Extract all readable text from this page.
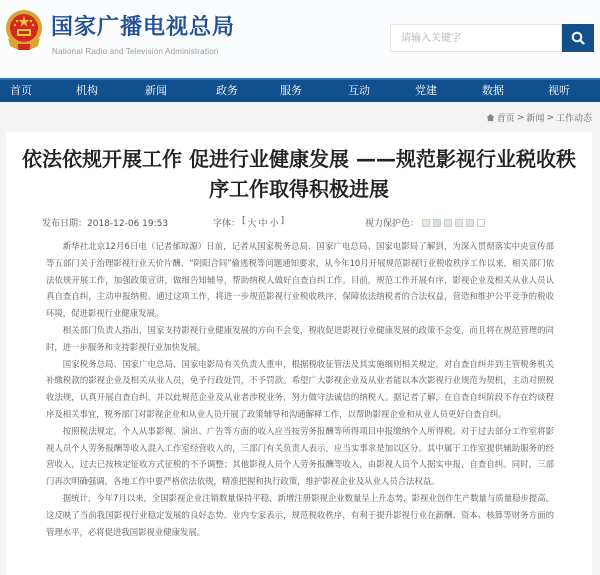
国家广播电视总局
National Radio and Television Administration
请输入关键字
首页	机构	新闻	政务	服务	互动	党建	数据	视听
首页 > 新闻 > 工作动态
依法依规开展工作 促进行业健康发展 ——规范影视行业税收秩序工作取得积极进展
发布日期：2018-12-06 19:53	字体： [ 大 中 小 ]	视力保护色：

新华社北京12月6日电（记者郁琼源）日前，记者从国家税务总局、国家广电总局、国家电影局了解到，为深入贯彻落实中央宣传部等五部门关于治理影视行业天价片酬、“阴阳合同”偷逃税等问题通知要求，从今年10月开展规范影视行业税收秩序工作以来，相关部门依法依规开展工作，加强政策宣讲，做细告知辅导，帮助纳税人做好自查自纠工作。目前，规范工作开展有序，影视企业及相关从业人员认真自查自纠，主动申报纳税。通过这项工作，将进一步规范影视行业税收秩序，保障依法纳税者的合法权益，营造和维护公平竞争的税收环境，促进影视行业健康发展。

相关部门负责人指出，国家支持影视行业健康发展的方向不会变，税收促进影视行业健康发展的政策不会变，而且将在规范管理的同时，进一步服务和支持影视行业加快发展。

国家税务总局、国家广电总局、国家电影局有关负责人重申，根据税收征管法及其实施细则相关规定，对自查自纠并到主管税务机关补缴税款的影视企业及相关从业人员，免予行政处罚，不予罚款。希望广大影视企业及从业者能以本次影视行业规范为契机，主动对照税收法规，认真开展自查自纠，并以此规范企业及从业者涉税业务，努力做守法诚信的纳税人。据记者了解，在自查自纠阶段不存在约谈程序及相关事宜，税务部门对影视企业和从业人员开展了政策辅导和沟通解释工作，以帮助影视企业和从业人员更好自查自纠。

按照税法规定，个人从事影视、演出、广告等方面的收入应当按劳务报酬等所得项目申报缴纳个人所得税。对于过去部分工作室将影视人员个人劳务报酬等收入混入工作室经营收入的，三部门有关负责人表示，应当实事求是加以区分。其中属于工作室提供辅助服务的经营收入，过去已按核定征收方式征税的不予调整；其他影视人员个人劳务报酬等收入，由影视人员个人据实申报，自查自纠。同时，三部门再次明确强调，各地工作中要严格依法依规，精准把握和执行政策，维护影视企业及从业人员合法权益。

据统计，今年7月以来，全国影视企业注销数量保持平稳，新增注册影视企业数量呈上升态势，影视业创作生产数量与质量稳步提高。这反映了当前我国影视行业稳定发展的良好态势。业内专家表示，规范税收秩序，有利于提升影视行业在薪酬、资本、核算等财务方面的管理水平，必将促进我国影视业健康发展。
